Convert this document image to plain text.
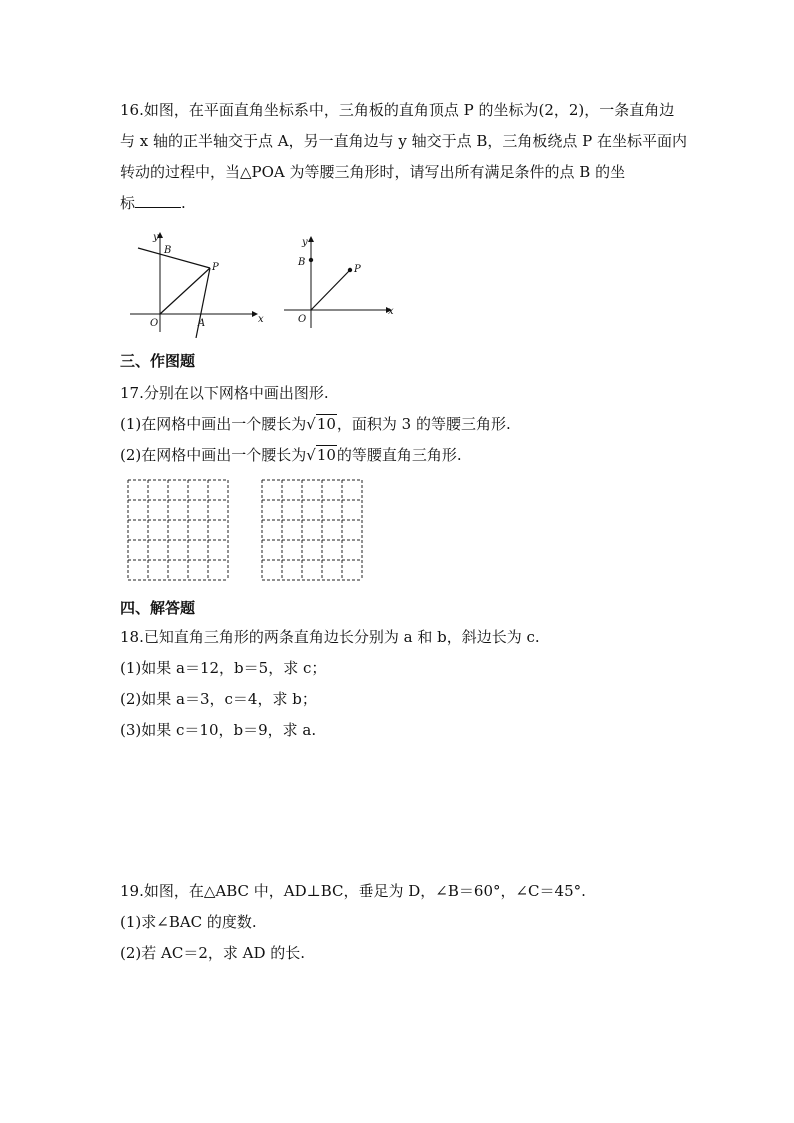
16.如图，在平面直角坐标系中，三角板的直角顶点 P 的坐标为(2，2)，一条直角边
与 x 轴的正半轴交于点 A，另一直角边与 y 轴交于点 B，三角板绕点 P 在坐标平面内
转动的过程中，当△POA 为等腰三角形时，请写出所有满足条件的点 B 的坐
标	.
y
B
P
O	A	x
y
B
P
O
x
三、作图题
17.分别在以下网格中画出图形.
(1)在网格中画出一个腰长为√10，面积为 3 的等腰三角形.
(2)在网格中画出一个腰长为√10的等腰直角三角形.
四、解答题
18.已知直角三角形的两条直角边长分别为 a 和 b，斜边长为 c.
(1)如果 a＝12，b＝5，求 c；
(2)如果 a＝3，c＝4，求 b；
(3)如果 c＝10，b＝9，求 a.
19.如图，在△ABC 中，AD⊥BC，垂足为 D，∠B＝60°，∠C＝45°.
(1)求∠BAC 的度数.
(2)若 AC＝2，求 AD 的长.
